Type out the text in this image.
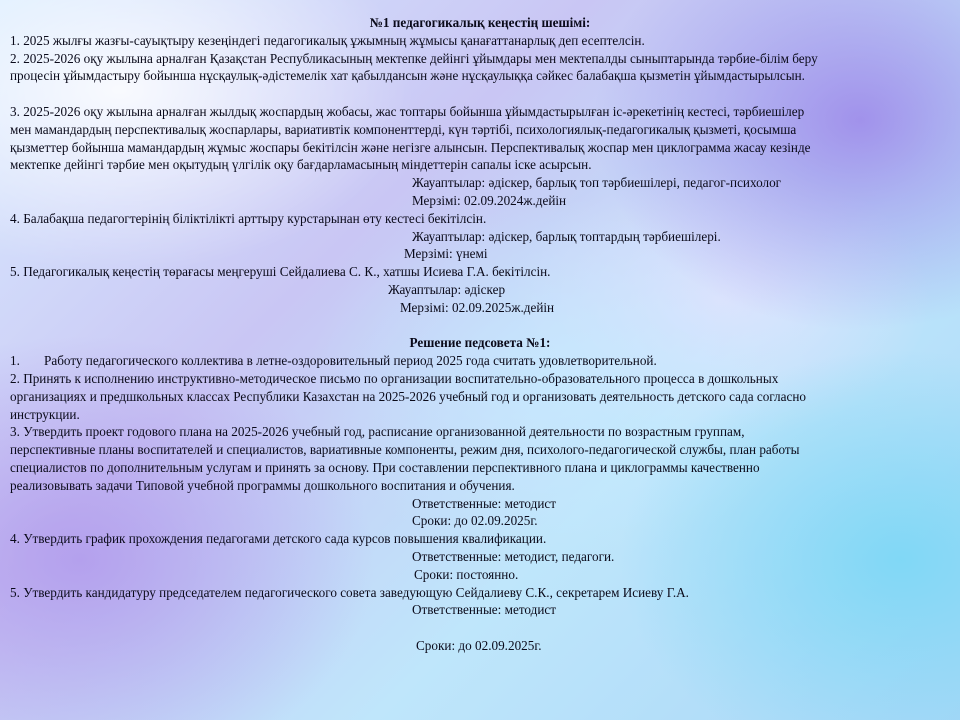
№1 педагогикалық кеңестің шешімі:

1. 2025 жылғы жазғы-сауықтыру кезеңіндегі педагогикалық ұжымның жұмысы қанағаттанарлық деп есептелсін.

2. 2025-2026 оқу жылына арналған Қазақстан Республикасының мектепке дейінгі ұйымдары мен мектепалды сыныптарында тәрбие-білім беру

процесін ұйымдастыру бойынша нұсқаулық-әдістемелік хат қабылдансын және нұсқаулыққа сәйкес балабақша қызметін ұйымдастырылсын.

3. 2025-2026 оқу жылына арналған жылдық жоспардың жобасы, жас топтары бойынша ұйымдастырылған іс-әрекетінің кестесі, тәрбиешілер

мен мамандардың перспективалық жоспарлары, вариативтік компоненттерді, күн тәртібі, психологиялық-педагогикалық қызметі, қосымша

қызметтер бойынша мамандардың жұмыс жоспары бекітілсін және негізге алынсын. Перспективалық жоспар мен циклограмма жасау кезінде

мектепке дейінгі тәрбие мен оқытудың үлгілік оқу бағдарламасының міндеттерін сапалы іске асырсын.

Жауаптылар: әдіскер, барлық топ тәрбиешілері, педагог-психолог

Мерзімі: 02.09.2024ж.дейін

4. Балабақша педагогтерінің біліктілікті арттыру курстарынан өту кестесі бекітілсін.

Жауаптылар: әдіскер, барлық топтардың тәрбиешілері.

Мерзімі: үнемі

5. Педагогикалық кеңестің төрағасы меңгеруші Сейдалиева С. К., хатшы Исиева Г.А. бекітілсін.

Жауаптылар: әдіскер

Мерзімі: 02.09.2025ж.дейін

Решение педсовета №1:

1. Работу педагогического коллектива в летне-оздоровительный период 2025 года считать удовлетворительной.

2. Принять к исполнению инструктивно-методическое письмо по организации воспитательно-образовательного процесса в дошкольных

организациях и предшкольных классах Республики Казахстан на 2025-2026 учебный год и организовать деятельность детского сада согласно

инструкции.

3. Утвердить проект годового плана на 2025-2026 учебный год, расписание организованной деятельности по возрастным группам,

перспективные планы воспитателей и специалистов, вариативные компоненты, режим дня, психолого-педагогической службы, план работы

специалистов по дополнительным услугам и принять за основу. При составлении перспективного плана и циклограммы качественно

реализовывать задачи Типовой учебной программы дошкольного воспитания и обучения.

Ответственные: методист

Сроки: до 02.09.2025г.

4. Утвердить график прохождения педагогами детского сада курсов повышения квалификации.

Ответственные: методист, педагоги.

Сроки: постоянно.

5. Утвердить кандидатуру председателем педагогического совета заведующую Сейдалиеву С.К., секретарем Исиеву Г.А.

Ответственные: методист

Сроки: до 02.09.2025г.
